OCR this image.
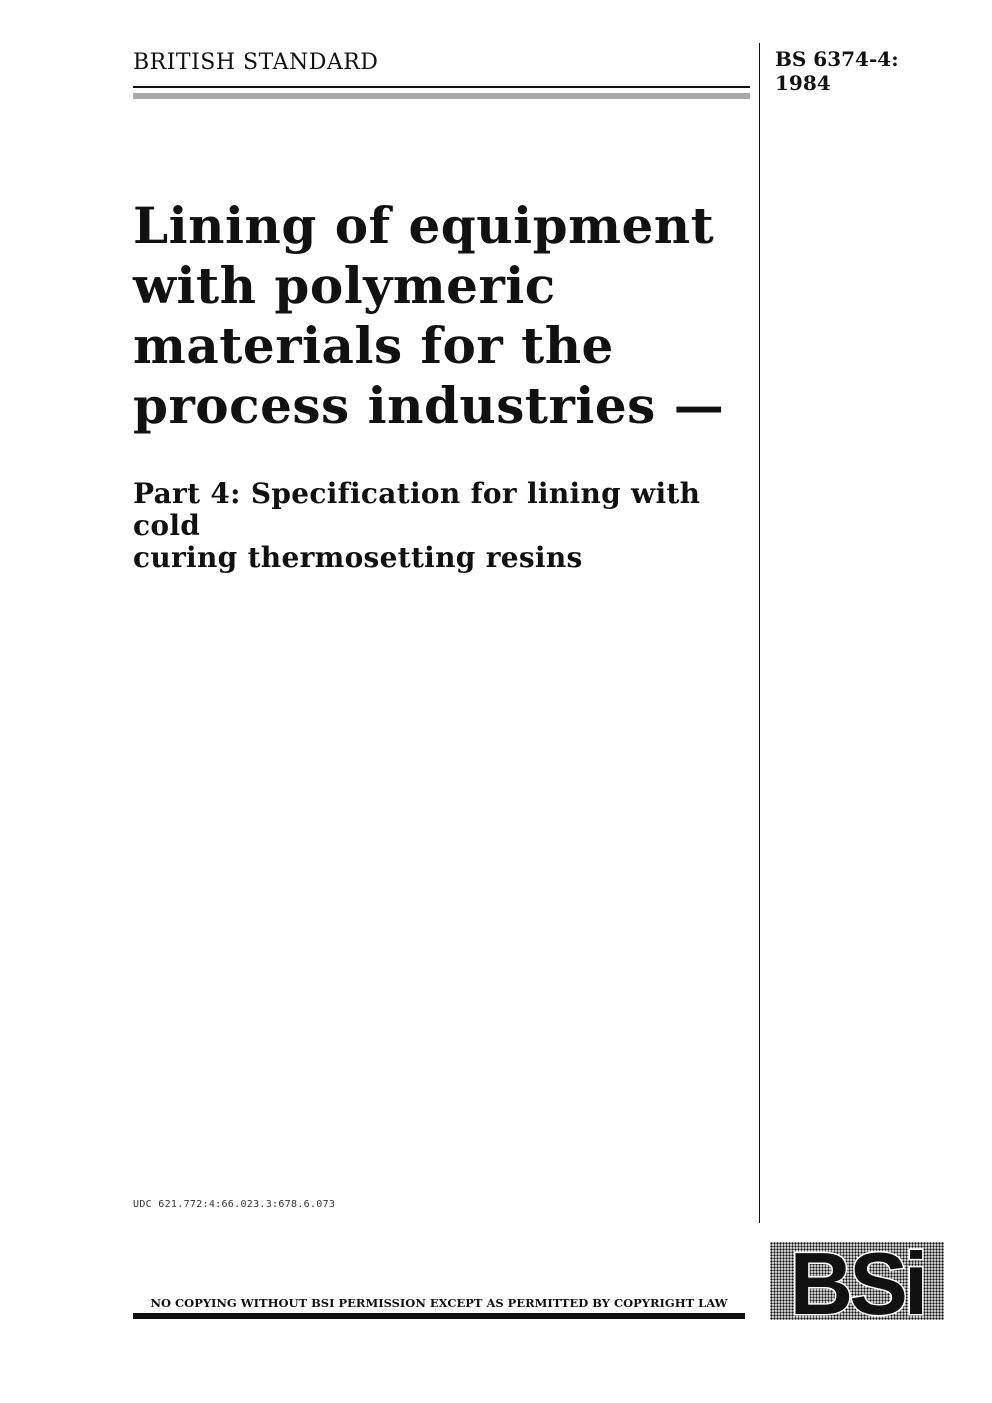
BRITISH STANDARD	BS 6374-4:
1984
Lining of equipment
with polymeric
materials for the
process industries —
Part 4: Specification for lining with cold
curing thermosetting resins
UDC 621.772:4:66.023.3:678.6.073
NO COPYING WITHOUT BSI PERMISSION EXCEPT AS PERMITTED BY COPYRIGHT LAW BSi
